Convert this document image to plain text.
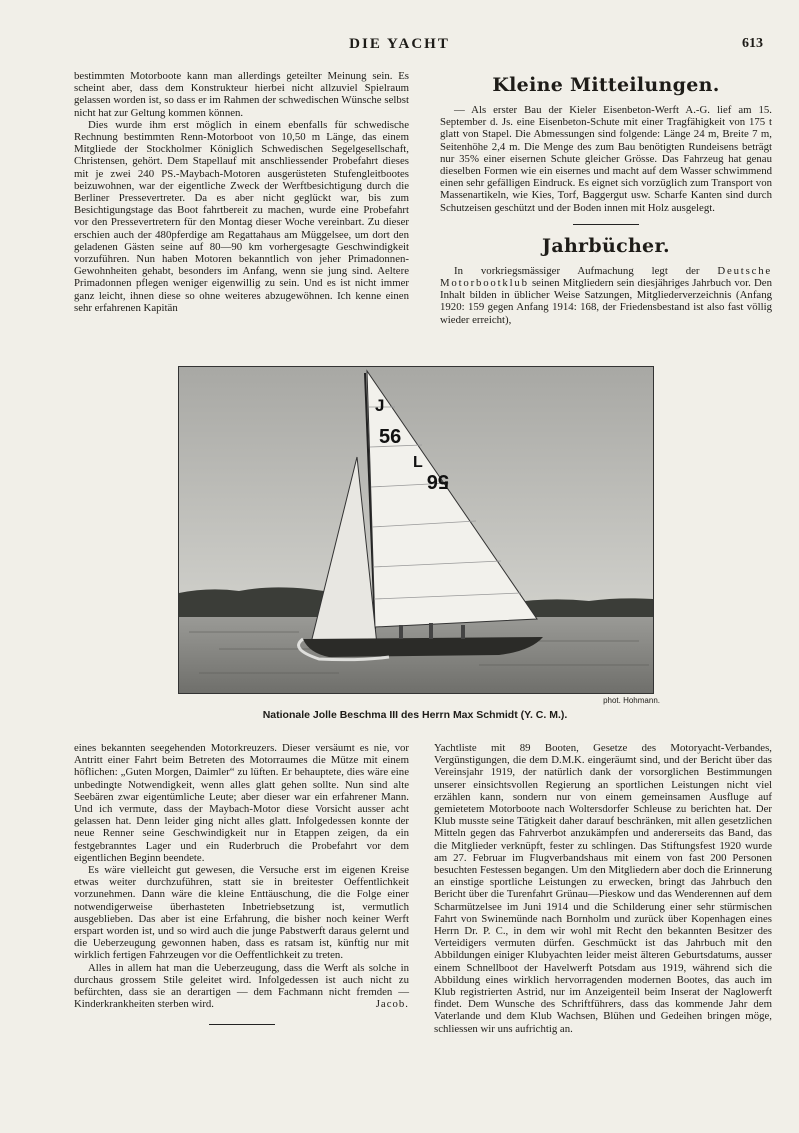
DIE YACHT	613

bestimmten Motorboote kann man allerdings geteilter Meinung sein. Es scheint aber, dass dem Konstrukteur hierbei nicht allzuviel Spielraum gelassen worden ist, so dass er im Rahmen der schwedischen Wünsche selbst nicht hat zur Geltung kommen können.

Dies wurde ihm erst möglich in einem ebenfalls für schwedische Rechnung bestimmten Renn-Motorboot von 10,50 m Länge, das einem Mitgliede der Stockholmer Königlich Schwedischen Segelgesellschaft, Christensen, gehört. Dem Stapellauf mit anschliessender Probefahrt dieses mit je zwei 240 PS.-Maybach-Motoren ausgerüsteten Stufengleitbootes beizuwohnen, war der eigentliche Zweck der Werftbesichtigung durch die Berliner Pressevertreter. Da es aber nicht geglückt war, bis zum Besichtigungstage das Boot fahrtbereit zu machen, wurde eine Probefahrt vor den Pressevertretern für den Montag dieser Woche vereinbart. Zu dieser erschien auch der 480pferdige am Regattahaus am Müggelsee, um dort den geladenen Gästen seine auf 80—90 km vorhergesagte Geschwindigkeit vorzuführen. Nun haben Motoren bekanntlich von jeher Primadonnen-Gewohnheiten gehabt, besonders im Anfang, wenn sie jung sind. Aeltere Primadonnen pflegen weniger eigenwillig zu sein. Und es ist nicht immer ganz leicht, ihnen diese so ohne weiteres abzugewöhnen. Ich kenne einen sehr erfahrenen Kapitän

Kleine Mitteilungen.

— Als erster Bau der Kieler Eisenbeton-Werft A.-G. lief am 15. September d. Js. eine Eisenbeton-Schute mit einer Tragfähigkeit von 175 t glatt von Stapel. Die Abmessungen sind folgende: Länge 24 m, Breite 7 m, Seitenhöhe 2,4 m. Die Menge des zum Bau benötigten Rundeisens beträgt nur 35% einer eisernen Schute gleicher Grösse. Das Fahrzeug hat genau dieselben Formen wie ein eisernes und macht auf dem Wasser schwimmend einen sehr gefälligen Eindruck. Es eignet sich vorzüglich zum Transport von Massenartikeln, wie Kies, Torf, Baggergut usw. Scharfe Kanten sind durch Schutzeisen geschützt und der Boden innen mit Holz ausgelegt.

Jahrbücher.

In vorkriegsmässiger Aufmachung legt der Deutsche Motorbootklub seinen Mitgliedern sein diesjähriges Jahrbuch vor. Den Inhalt bilden in üblicher Weise Satzungen, Mitgliederverzeichnis (Anfang 1920: 159 gegen Anfang 1914: 168, der Friedensbestand ist also fast völlig wieder erreicht),

J
56
L
56
phot. Hohmann.
Nationale Jolle Beschma III des Herrn Max Schmidt (Y. C. M.).

eines bekannten seegehenden Motorkreuzers. Dieser versäumt es nie, vor Antritt einer Fahrt beim Betreten des Motorraumes die Mütze mit einem höflichen: „Guten Morgen, Daimler“ zu lüften. Er behauptete, dies wäre eine unbedingte Notwendigkeit, wenn alles glatt gehen sollte. Nun sind alte Seebären zwar eigentümliche Leute; aber dieser war ein erfahrener Mann. Und ich vermute, dass der Maybach-Motor diese Vorsicht ausser acht gelassen hat. Denn leider ging nicht alles glatt. Infolgedessen konnte der neue Renner seine Geschwindigkeit nur in Etappen zeigen, da ein festgebranntes Lager und ein Ruderbruch die Probefahrt vor dem eigentlichen Beginn beendete.

Es wäre vielleicht gut gewesen, die Versuche erst im eigenen Kreise etwas weiter durchzuführen, statt sie in breitester Oeffentlichkeit vorzunehmen. Dann wäre die kleine Enttäuschung, die die Folge einer notwendigerweise überhasteten Inbetriebsetzung ist, vermutlich ausgeblieben. Das aber ist eine Erfahrung, die bisher noch keiner Werft erspart worden ist, und so wird auch die junge Pabstwerft daraus gelernt und die Ueberzeugung gewonnen haben, dass es ratsam ist, künftig nur mit wirklich fertigen Fahrzeugen vor die Oeffentlichkeit zu treten.

Alles in allem hat man die Ueberzeugung, dass die Werft als solche in durchaus grossem Stile geleitet wird. Infolgedessen ist auch nicht zu befürchten, dass sie an derartigen — dem Fachmann nicht fremden — Kinderkrankheiten sterben wird.	Jacob.

Yachtliste mit 89 Booten, Gesetze des Motoryacht-Verbandes, Vergünstigungen, die dem D.M.K. eingeräumt sind, und der Bericht über das Vereinsjahr 1919, der natürlich dank der vorsorglichen Bestimmungen unserer einsichtsvollen Regierung an sportlichen Leistungen nicht viel erzählen kann, sondern nur von einem gemeinsamen Ausfluge auf gemietetem Motorboote nach Woltersdorfer Schleuse zu berichten hat. Der Klub musste seine Tätigkeit daher darauf beschränken, mit allen gesetzlichen Mitteln gegen das Fahrverbot anzukämpfen und andererseits das Band, das die Mitglieder verknüpft, fester zu schlingen. Das Stiftungsfest 1920 wurde am 27. Februar im Flugverbandshaus mit einem von fast 200 Personen besuchten Festessen begangen. Um den Mitgliedern aber doch die Erinnerung an einstige sportliche Leistungen zu erwecken, bringt das Jahrbuch den Bericht über die Turenfahrt Grünau—Pieskow und das Wenderennen auf dem Scharmützelsee im Juni 1914 und die Schilderung einer sehr stürmischen Fahrt von Swinemünde nach Bornholm und zurück über Kopenhagen eines Herrn Dr. P. C., in dem wir wohl mit Recht den bekannten Besitzer des Verteidigers vermuten dürfen. Geschmückt ist das Jahrbuch mit den Abbildungen einiger Klubyachten leider meist älteren Geburtsdatums, ausser einem Schnellboot der Havelwerft Potsdam aus 1919, während sich die Abbildung eines wirklich hervorragenden modernen Bootes, das auch im Klub registrierten Astrid, nur im Anzeigenteil beim Inserat der Naglowerft findet. Dem Wunsche des Schriftführers, dass das kommende Jahr dem Vaterlande und dem Klub Wachsen, Blühen und Gedeihen bringen möge, schliessen wir uns aufrichtig an.
